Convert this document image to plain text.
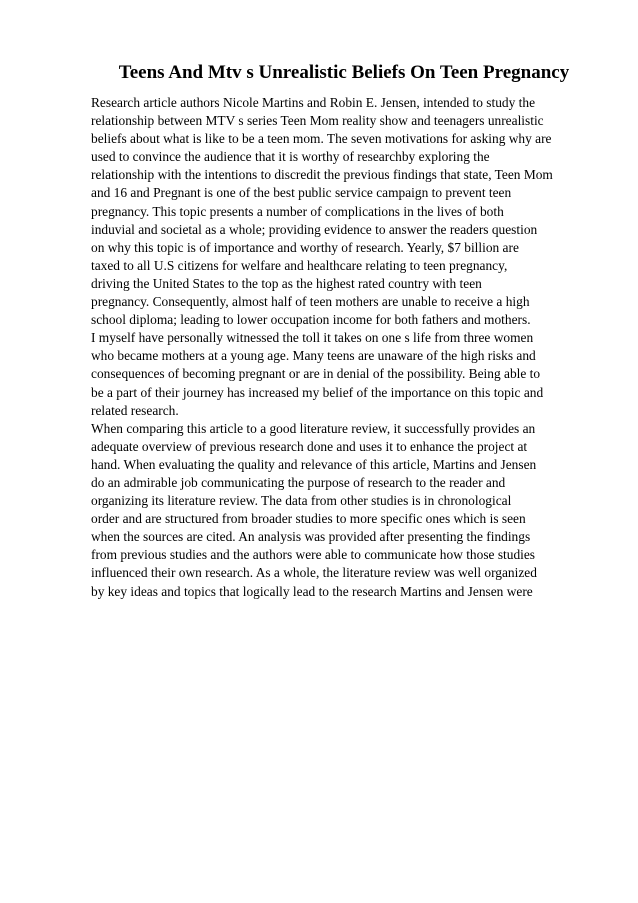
Teens And Mtv s Unrealistic Beliefs On Teen Pregnancy
Research article authors Nicole Martins and Robin E. Jensen, intended to study the
relationship between MTV s series Teen Mom reality show and teenagers unrealistic
beliefs about what is like to be a teen mom. The seven motivations for asking why are
used to convince the audience that it is worthy of researchby exploring the
relationship with the intentions to discredit the previous findings that state, Teen Mom
and 16 and Pregnant is one of the best public service campaign to prevent teen
pregnancy. This topic presents a number of complications in the lives of both
induvial and societal as a whole; providing evidence to answer the readers question
on why this topic is of importance and worthy of research. Yearly, $7 billion are
taxed to all U.S citizens for welfare and healthcare relating to teen pregnancy,
driving the United States to the top as the highest rated country with teen
pregnancy. Consequently, almost half of teen mothers are unable to receive a high
school diploma; leading to lower occupation income for both fathers and mothers.
I myself have personally witnessed the toll it takes on one s life from three women
who became mothers at a young age. Many teens are unaware of the high risks and
consequences of becoming pregnant or are in denial of the possibility. Being able to
be a part of their journey has increased my belief of the importance on this topic and
related research.
When comparing this article to a good literature review, it successfully provides an
adequate overview of previous research done and uses it to enhance the project at
hand. When evaluating the quality and relevance of this article, Martins and Jensen
do an admirable job communicating the purpose of research to the reader and
organizing its literature review. The data from other studies is in chronological
order and are structured from broader studies to more specific ones which is seen
when the sources are cited. An analysis was provided after presenting the findings
from previous studies and the authors were able to communicate how those studies
influenced their own research. As a whole, the literature review was well organized
by key ideas and topics that logically lead to the research Martins and Jensen were
